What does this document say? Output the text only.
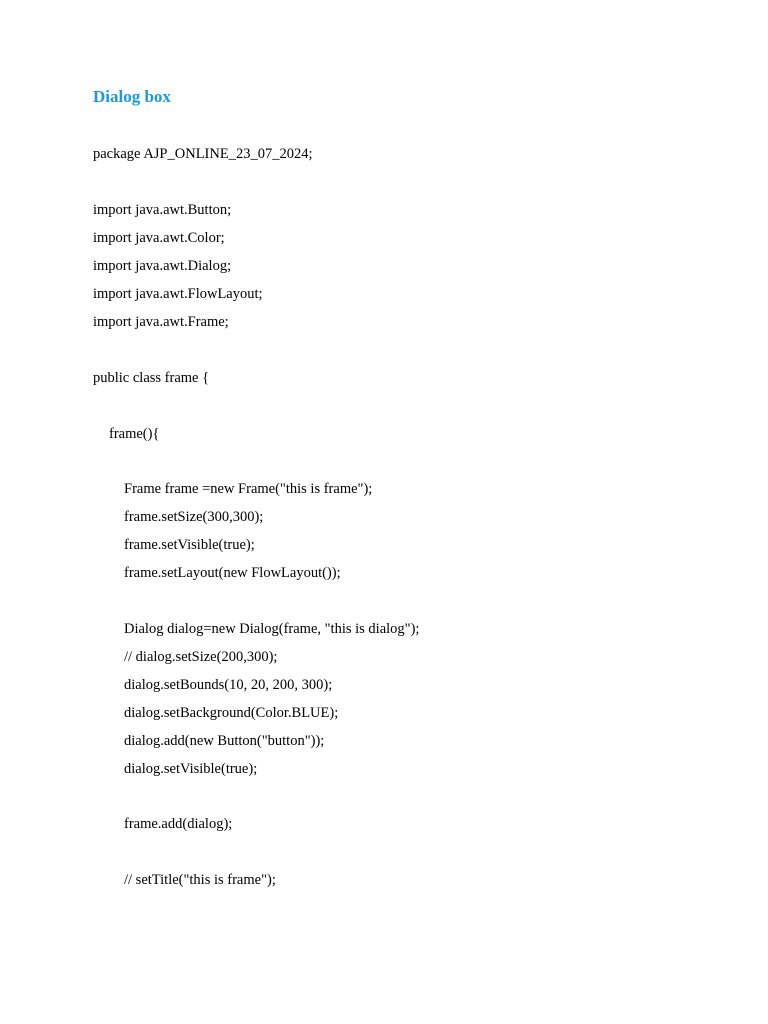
Dialog box
package AJP_ONLINE_23_07_2024;
import java.awt.Button;
import java.awt.Color;
import java.awt.Dialog;
import java.awt.FlowLayout;
import java.awt.Frame;
public class frame {
frame(){
Frame frame =new Frame("this is frame");
frame.setSize(300,300);
frame.setVisible(true);
frame.setLayout(new FlowLayout());
Dialog dialog=new Dialog(frame, "this is dialog");
// dialog.setSize(200,300);
dialog.setBounds(10, 20, 200, 300);
dialog.setBackground(Color.BLUE);
dialog.add(new Button("button"));
dialog.setVisible(true);
frame.add(dialog);
// setTitle("this is frame");
